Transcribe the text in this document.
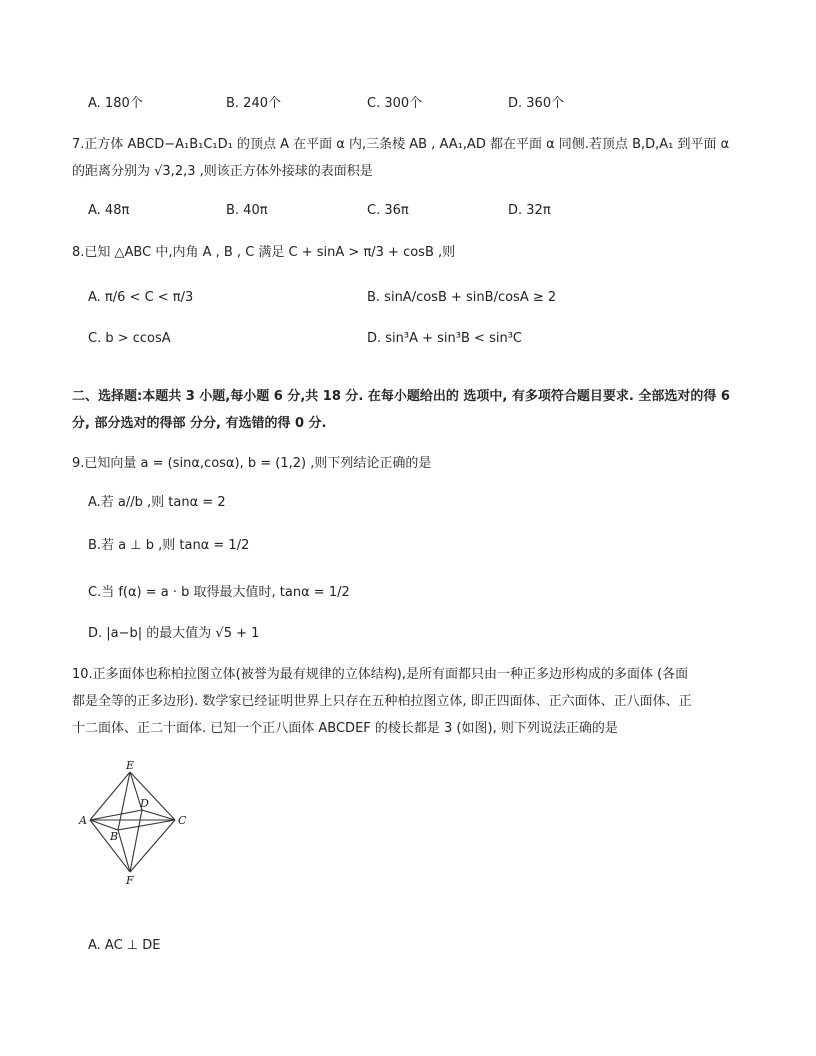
A. 180个	B. 240个	C. 300个	D. 360个
7.正方体 ABCD−A₁B₁C₁D₁ 的顶点 A 在平面 α 内,三条棱 AB , AA₁,AD 都在平面 α 同侧.若顶点 B,D,A₁ 到平面 α
的距离分别为 √3,2,3 ,则该正方体外接球的表面积是
A. 48π	B. 40π	C. 36π	D. 32π
8.已知 △ABC 中,内角 A , B , C 满足 C + sinA > π/3 + cosB ,则
A. π/6 < C < π/3	B. sinA/cosB + sinB/cosA ≥ 2
C. b > ccosA	D. sin³A + sin³B < sin³C
二、选择题:本题共 3 小题,每小题 6 分,共 18 分. 在每小题给出的 选项中, 有多项符合题目要求. 全部选对的得 6
分, 部分选对的得部 分分, 有选错的得 0 分.
9.已知向量 a = (sinα,cosα), b = (1,2) ,则下列结论正确的是
A.若 a//b ,则 tanα = 2
B.若 a ⊥ b ,则 tanα = 1/2
C.当 f(α) = a · b 取得最大值时, tanα = 1/2
D. |a−b| 的最大值为 √5 + 1
10.正多面体也称柏拉图立体(被誉为最有规律的立体结构),是所有面都只由一种正多边形构成的多面体 (各面
都是全等的正多边形). 数学家已经证明世界上只存在五种柏拉图立体, 即正四面体、正六面体、正八面体、正
十二面体、正二十面体. 已知一个正八面体 ABCDEF 的棱长都是 3 (如图), 则下列说法正确的是
E
D
A	C
B
F
A. AC ⊥ DE
